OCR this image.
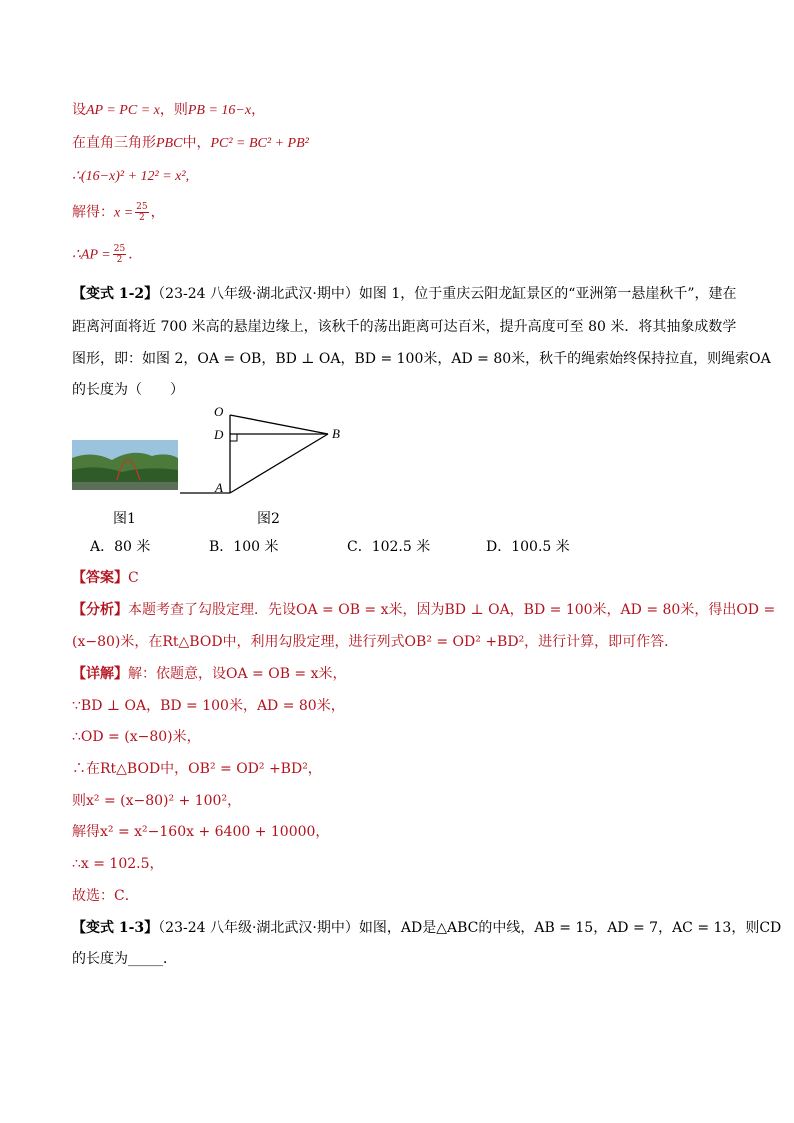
设AP = PC = x，则PB = 16−x，
在直角三角形PBC中，PC² = BC² + PB²
∴(16−x)² + 12² = x²,
解得：$x = \frac{25}{2}$ ，
∴AP = $\frac{25}{2}$ .
【变式 1-2】（23-24 八年级·湖北武汉·期中）如图 1，位于重庆云阳龙缸景区的“亚洲第一悬崖秋千”，建在
距离河面将近 700 米高的悬崖边缘上，该秋千的荡出距离可达百米，提升高度可至 80 米．将其抽象成数学
图形，即：如图 2，OA = OB，BD ⊥ OA，BD = 100米，AD = 80米，秋千的绳索始终保持拉直，则绳索OA
的长度为（　　）
图1
O
D
A
B
图2
A．80 米	B．100 米	C．102.5 米	D．100.5 米
【答案】C
【分析】本题考查了勾股定理．先设OA = OB = x米，因为BD ⊥ OA，BD = 100米，AD = 80米，得出OD =
(x−80)米，在Rt△BOD中，利用勾股定理，进行列式OB² = OD² +BD²，进行计算，即可作答．
【详解】解：依题意，设OA = OB = x米，
∵BD ⊥ OA，BD = 100米，AD = 80米，
∴OD = (x−80)米，
∴在Rt△BOD中，OB² = OD² +BD²，
则x² = (x−80)² + 100²，
解得x² = x²−160x + 6400 + 10000，
∴x = 102.5，
故选：C．
【变式 1-3】（23-24 八年级·湖北武汉·期中）如图，AD是△ABC的中线，AB = 15，AD = 7，AC = 13，则CD
的长度为_____．
